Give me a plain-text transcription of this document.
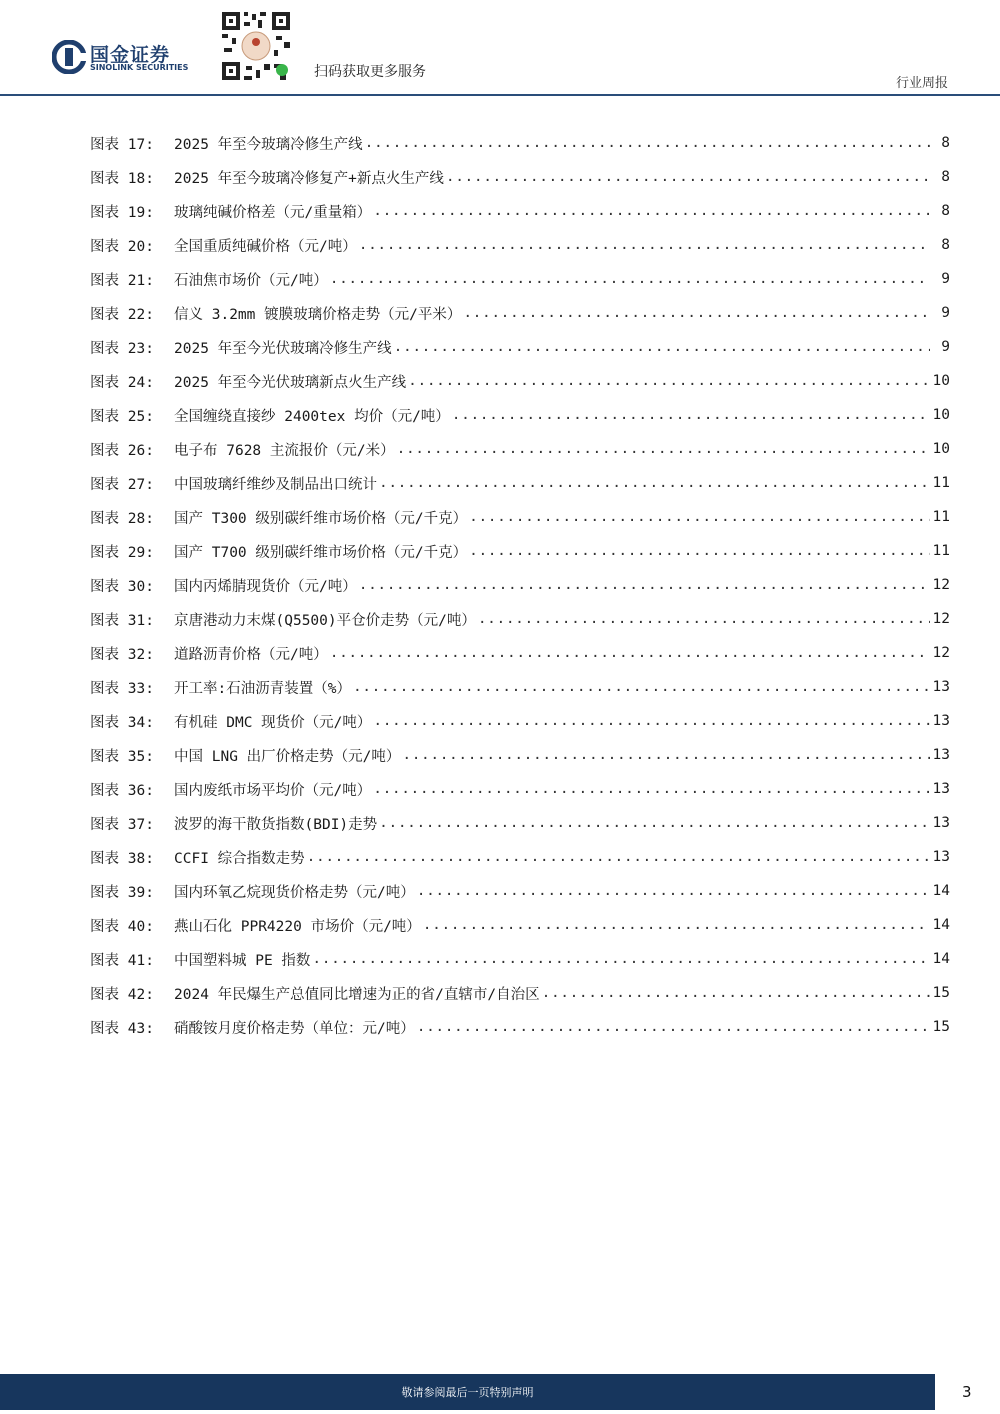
国金证券
SINOLINK SECURITIES	扫码获取更多服务
行业周报
图表 17:	2025 年至今玻璃冷修生产线 .....	8
图表 18:	2025 年至今玻璃冷修复产+新点火生产线 .....	8
图表 19:	玻璃纯碱价格差（元/重量箱） .....	8
图表 20:	全国重质纯碱价格（元/吨） .....	8
图表 21:	石油焦市场价（元/吨） .....	9
图表 22:	信义 3.2mm 镀膜玻璃价格走势（元/平米） .....	9
图表 23:	2025 年至今光伏玻璃冷修生产线 .....	9
图表 24:	2025 年至今光伏玻璃新点火生产线 .....	10
图表 25:	全国缠绕直接纱 2400tex 均价（元/吨） .....	10
图表 26:	电子布 7628 主流报价（元/米） .....	10
图表 27:	中国玻璃纤维纱及制品出口统计 .....	11
图表 28:	国产 T300 级别碳纤维市场价格（元/千克） .....	11
图表 29:	国产 T700 级别碳纤维市场价格（元/千克） .....	11
图表 30:	国内丙烯腈现货价（元/吨） .....	12
图表 31:	京唐港动力末煤(Q5500)平仓价走势（元/吨） .....	12
图表 32:	道路沥青价格（元/吨） .....	12
图表 33:	开工率:石油沥青装置（%） .....	13
图表 34:	有机硅 DMC 现货价（元/吨） .....	13
图表 35:	中国 LNG 出厂价格走势（元/吨） .....	13
图表 36:	国内废纸市场平均价（元/吨） .....	13
图表 37:	波罗的海干散货指数(BDI)走势 .....	13
图表 38:	CCFI 综合指数走势 .....	13
图表 39:	国内环氧乙烷现货价格走势（元/吨） .....	14
图表 40:	燕山石化 PPR4220 市场价（元/吨） .....	14
图表 41:	中国塑料城 PE 指数 .....	14
图表 42:	2024 年民爆生产总值同比增速为正的省/直辖市/自治区 .....	15
图表 43:	硝酸铵月度价格走势（单位：元/吨） .....	15
敬请参阅最后一页特别声明	3
